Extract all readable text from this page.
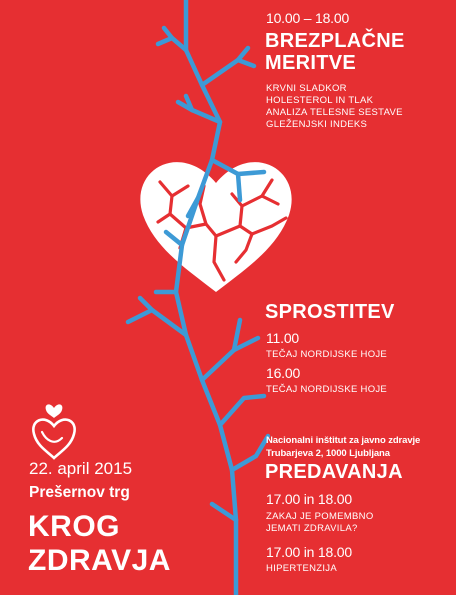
10.00 – 18.00

BREZPLAČNE
MERITVE
KRVNI SLADKOR
HOLESTEROL IN TLAK
ANALIZA TELESNE SESTAVE
GLEŽENJSKI INDEKS

SPROSTITEV

11.00

TEČAJ NORDIJSKE HOJE

16.00

TEČAJ NORDIJSKE HOJE

Nacionalni inštitut za javno zdravje
Trubarjeva 2, 1000 Ljubljana

PREDAVANJA

17.00 in 18.00

ZAKAJ JE POMEMBNO
JEMATI ZDRAVILA?

17.00 in 18.00

HIPERTENZIJA

22. april 2015

Prešernov trg

KROG
ZDRAVJA
